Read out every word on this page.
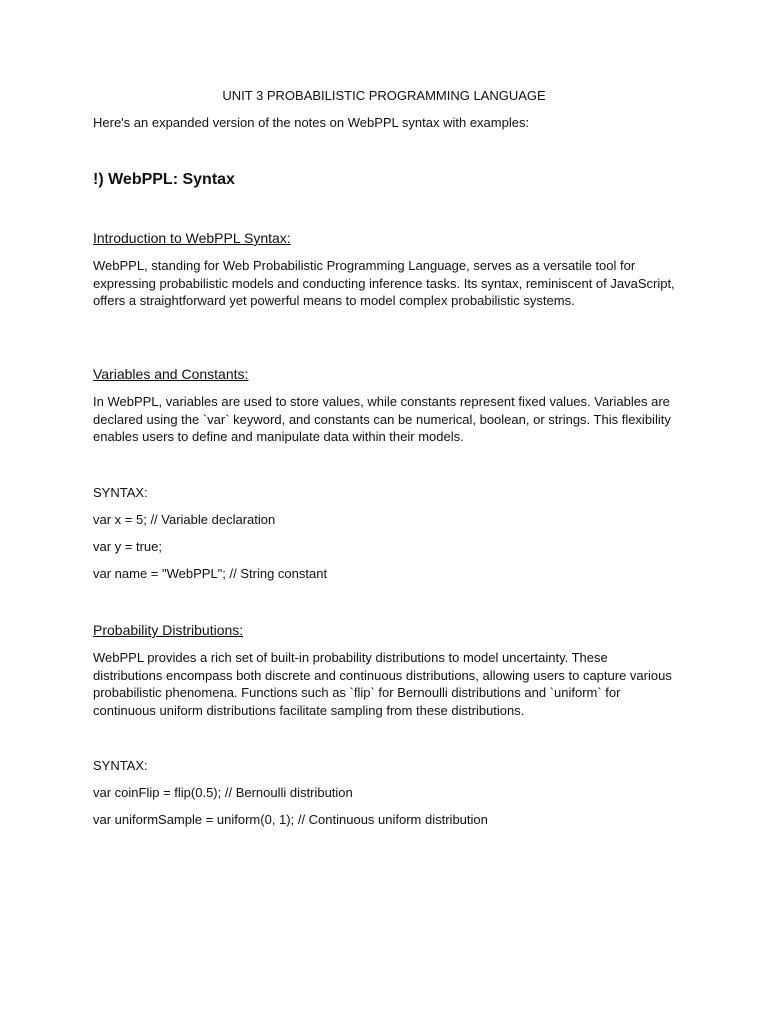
UNIT 3 PROBABILISTIC PROGRAMMING LANGUAGE

Here's an expanded version of the notes on WebPPL syntax with examples:

!) WebPPL: Syntax

Introduction to WebPPL Syntax:

WebPPL, standing for Web Probabilistic Programming Language, serves as a versatile tool for expressing probabilistic models and conducting inference tasks. Its syntax, reminiscent of JavaScript, offers a straightforward yet powerful means to model complex probabilistic systems.

Variables and Constants:

In WebPPL, variables are used to store values, while constants represent fixed values. Variables are declared using the `var` keyword, and constants can be numerical, boolean, or strings. This flexibility enables users to define and manipulate data within their models.

SYNTAX:

var x = 5; // Variable declaration

var y = true;

var name = "WebPPL"; // String constant

Probability Distributions:

WebPPL provides a rich set of built-in probability distributions to model uncertainty. These distributions encompass both discrete and continuous distributions, allowing users to capture various probabilistic phenomena. Functions such as `flip` for Bernoulli distributions and `uniform` for continuous uniform distributions facilitate sampling from these distributions.

SYNTAX:

var coinFlip = flip(0.5); // Bernoulli distribution

var uniformSample = uniform(0, 1); // Continuous uniform distribution
